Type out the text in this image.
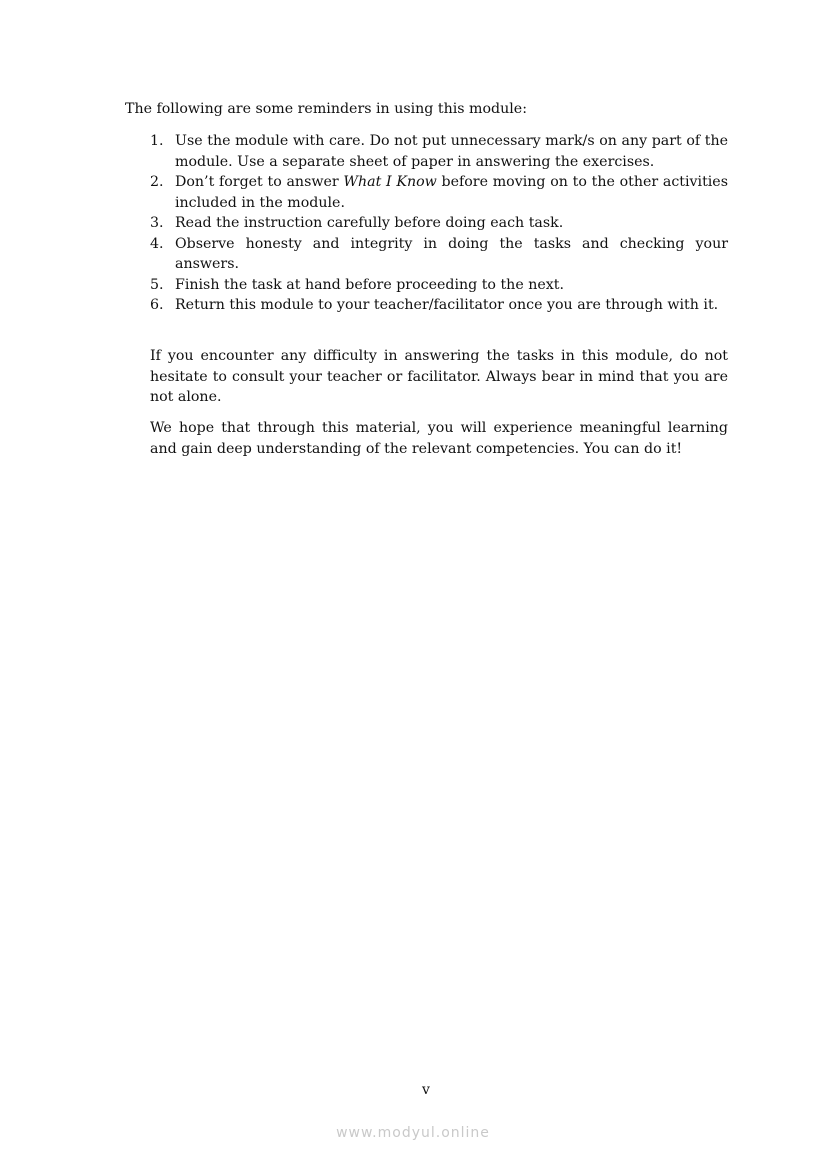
The following are some reminders in using this module:

1. Use the module with care. Do not put unnecessary mark/s on any part of the module. Use a separate sheet of paper in answering the exercises.
2. Don’t forget to answer What I Know before moving on to the other activities included in the module.
3. Read the instruction carefully before doing each task.
4. Observe honesty and integrity in doing the tasks and checking your answers.
5. Finish the task at hand before proceeding to the next.
6. Return this module to your teacher/facilitator once you are through with it.

If you encounter any difficulty in answering the tasks in this module, do not hesitate to consult your teacher or facilitator. Always bear in mind that you are not alone.

We hope that through this material, you will experience meaningful learning and gain deep understanding of the relevant competencies. You can do it!

v
www.modyul.online
